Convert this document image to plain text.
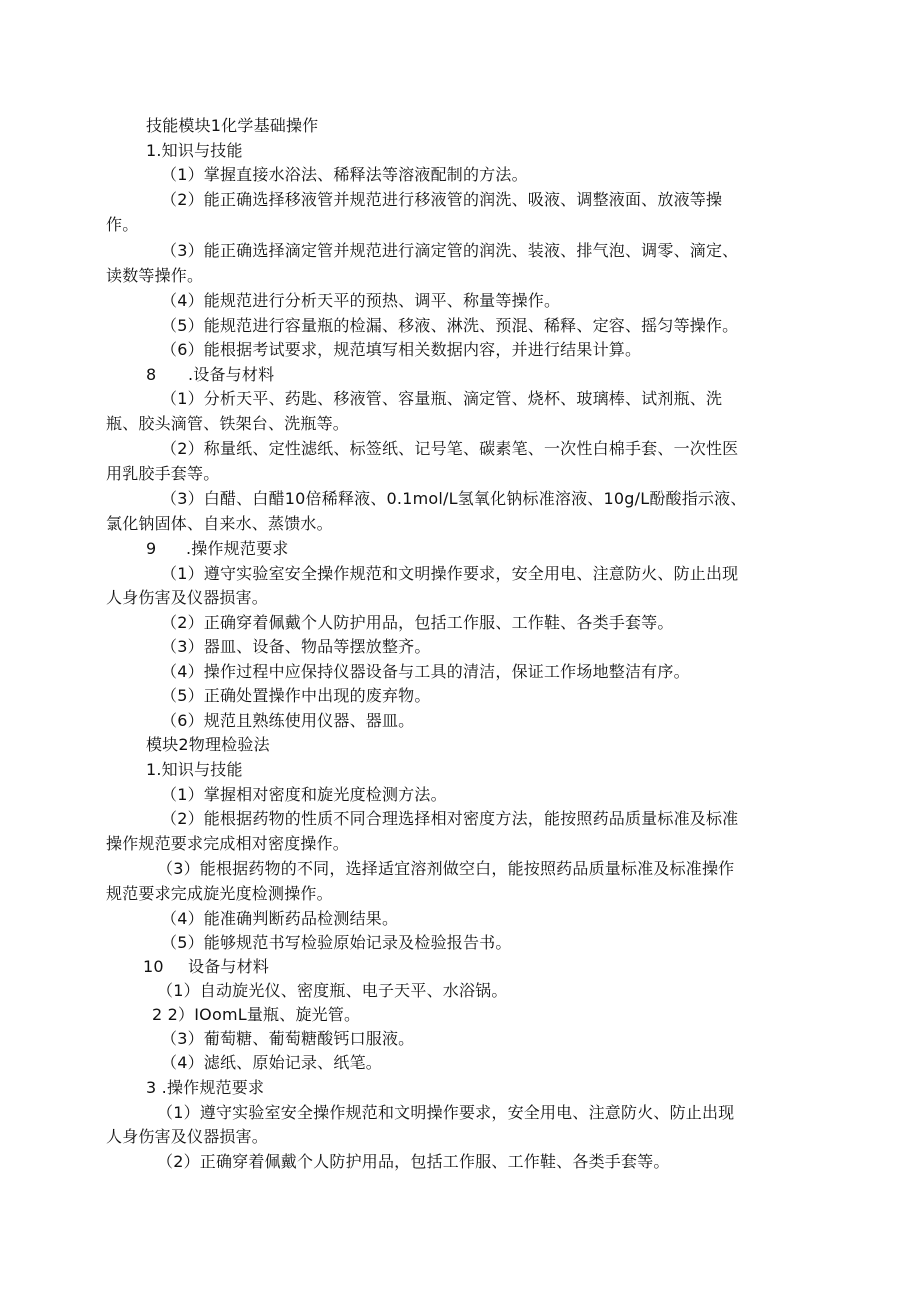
技能模块1化学基础操作

1.知识与技能

（1）掌握直接水浴法、稀释法等溶液配制的方法。

（2）能正确选择移液管并规范进行移液管的润洗、吸液、调整液面、放液等操

作。

（3）能正确选择滴定管并规范进行滴定管的润洗、装液、排气泡、调零、滴定、

读数等操作。

（4）能规范进行分析天平的预热、调平、称量等操作。

（5）能规范进行容量瓶的检漏、移液、淋洗、预混、稀释、定容、摇匀等操作。

（6）能根据考试要求，规范填写相关数据内容，并进行结果计算。

8 .设备与材料

（1）分析天平、药匙、移液管、容量瓶、滴定管、烧杯、玻璃棒、试剂瓶、洗

瓶、胶头滴管、铁架台、洗瓶等。

（2）称量纸、定性滤纸、标签纸、记号笔、碳素笔、一次性白棉手套、一次性医

用乳胶手套等。

（3）白醋、白醋10倍稀释液、0.1mol∕L氢氧化钠标准溶液、10g∕L酚酸指示液、

氯化钠固体、自来水、蒸馈水。

9 .操作规范要求

（1）遵守实验室安全操作规范和文明操作要求，安全用电、注意防火、防止出现

人身伤害及仪器损害。

（2）正确穿着佩戴个人防护用品，包括工作服、工作鞋、各类手套等。

（3）器皿、设备、物品等摆放整齐。

（4）操作过程中应保持仪器设备与工具的清洁，保证工作场地整洁有序。

（5）正确处置操作中出现的废弃物。

（6）规范且熟练使用仪器、器皿。

模块2物理检验法

1.知识与技能

（1）掌握相对密度和旋光度检测方法。

（2）能根据药物的性质不同合理选择相对密度方法，能按照药品质量标准及标准

操作规范要求完成相对密度操作。

（3）能根据药物的不同，选择适宜溶剂做空白，能按照药品质量标准及标准操作

规范要求完成旋光度检测操作。

（4）能准确判断药品检测结果。

（5）能够规范书写检验原始记录及检验报告书。

10 设备与材料

（1）自动旋光仪、密度瓶、电子天平、水浴锅。

2 2）IOomL量瓶、旋光管。

（3）葡萄糖、葡萄糖酸钙口服液。

（4）滤纸、原始记录、纸笔。

3 .操作规范要求

（1）遵守实验室安全操作规范和文明操作要求，安全用电、注意防火、防止出现

人身伤害及仪器损害。

（2）正确穿着佩戴个人防护用品，包括工作服、工作鞋、各类手套等。
